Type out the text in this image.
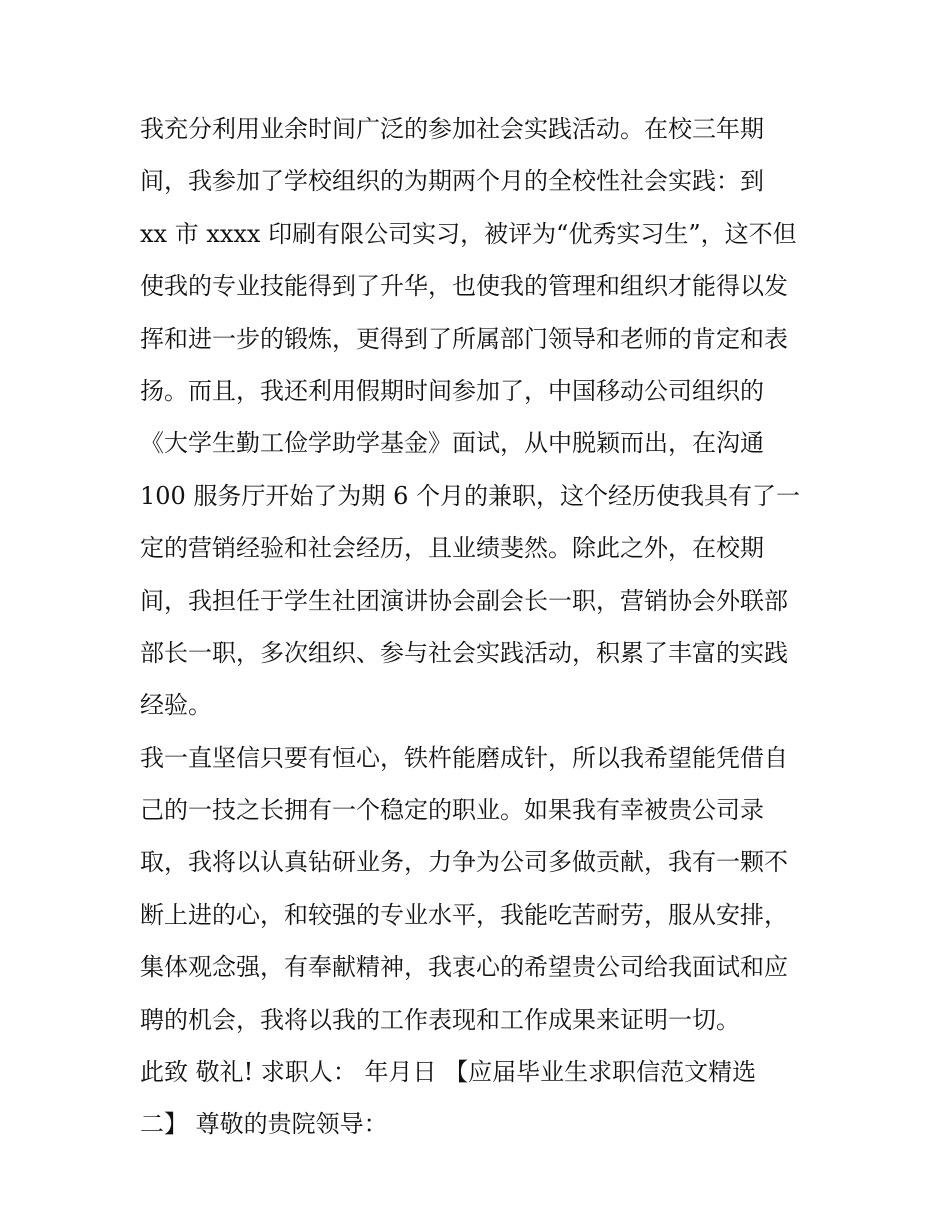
我充分利用业余时间广泛的参加社会实践活动。在校三年期
间，我参加了学校组织的为期两个月的全校性社会实践：到
xx 市 xxxx 印刷有限公司实习，被评为“优秀实习生”，这不但
使我的专业技能得到了升华，也使我的管理和组织才能得以发
挥和进一步的锻炼，更得到了所属部门领导和老师的肯定和表
扬。而且，我还利用假期时间参加了，中国移动公司组织的
《大学生勤工俭学助学基金》面试，从中脱颖而出，在沟通
100 服务厅开始了为期 6 个月的兼职，这个经历使我具有了一
定的营销经验和社会经历，且业绩斐然。除此之外，在校期
间，我担任于学生社团演讲协会副会长一职，营销协会外联部
部长一职，多次组织、参与社会实践活动，积累了丰富的实践
经验。
我一直坚信只要有恒心，铁杵能磨成针，所以我希望能凭借自
己的一技之长拥有一个稳定的职业。如果我有幸被贵公司录
取，我将以认真钻研业务，力争为公司多做贡献，我有一颗不
断上进的心，和较强的专业水平，我能吃苦耐劳，服从安排，
集体观念强，有奉献精神，我衷心的希望贵公司给我面试和应
聘的机会，我将以我的工作表现和工作成果来证明一切。
此致 敬礼! 求职人： 年月日 【应届毕业生求职信范文精选
二】 尊敬的贵院领导：
